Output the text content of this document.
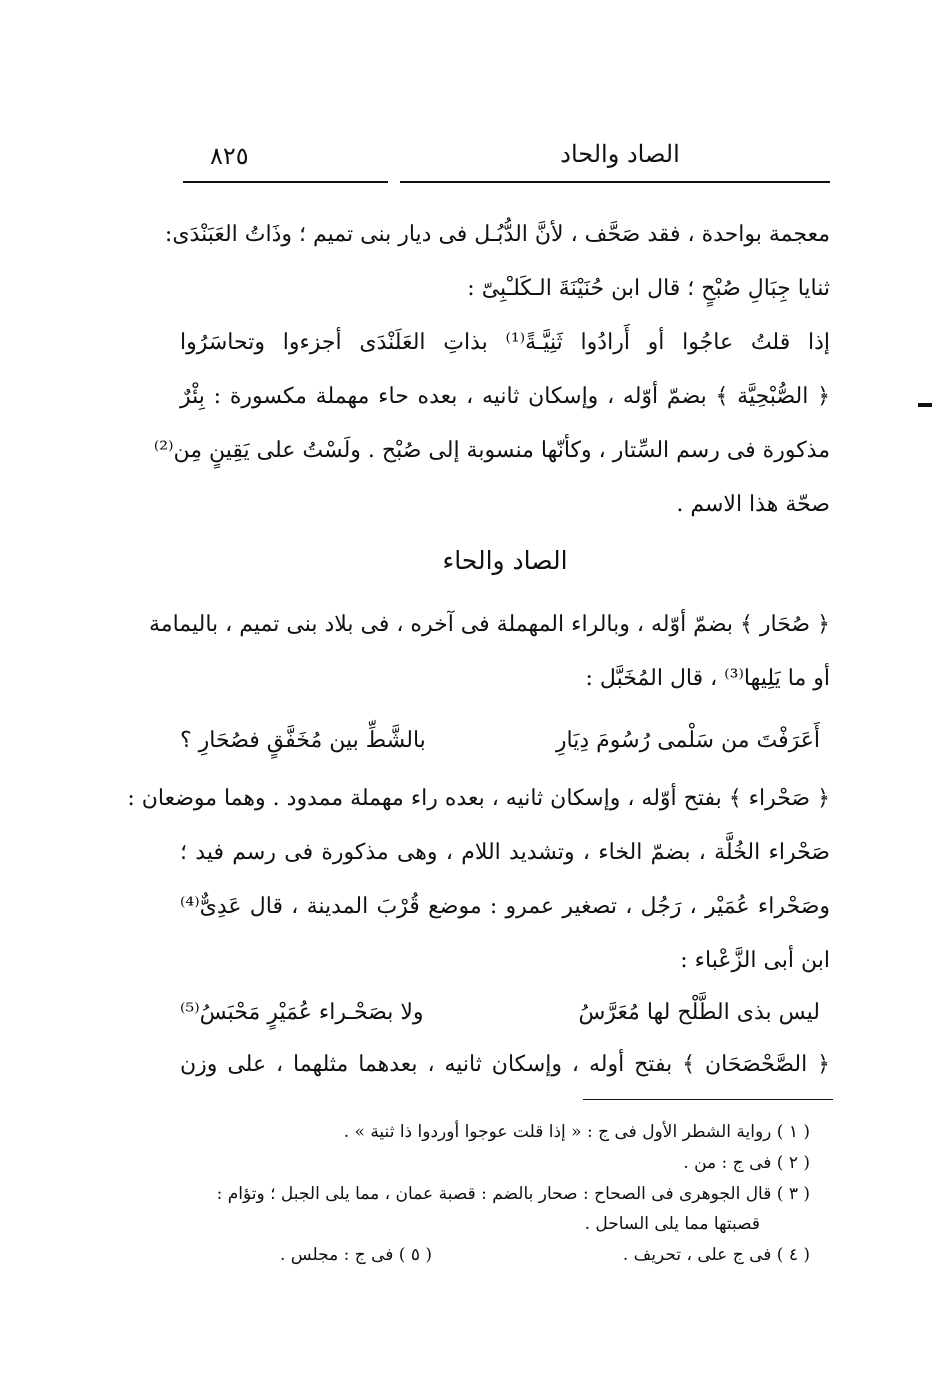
الصاد والحاد
٨٢٥
معجمة بواحدة ، فقد صَحَّف ، لأنَّ الدُّبُـل فى ديار بنى تميم ؛ وذَاتُ العَبَنْدَى:
ثنايا جِبَالِ صُبْحٍ ؛ قال ابن حُنَيْنَةَ الـكَلـْبِىّ :
إذا قلتُ عاجُوا أو أَرادُوا ثَنِيَّـةً⁽¹⁾ بذاتِ العَلَنْدَى أجزءوا وتحاسَرُوا
﴿ الصُّبْحِيَّة ﴾ بضمّ أوّله ، وإسكان ثانيه ، بعده حاء مهملة مكسورة : بِئْرٌ
مذكورة فى رسم السِّتار ، وكأنّها منسوبة إلى صُبْح . ولَسْتُ على يَقِينٍ مِن⁽²⁾
صحّة هذا الاسم .
الصاد والحاء
﴿ صُحَار ﴾ بضمّ أوّله ، وبالراء المهملة فى آخره ، فى بلاد بنى تميم ، باليمامة
أو ما يَلِيها⁽³⁾ ، قال المُخَبَّل :
أَعَرَفْتَ من سَلْمى رُسُومَ دِيَارِ
بالشَّطِّ بين مُخَفَّقٍ فصُحَارِ ؟
﴿ صَحْراء ﴾ بفتح أوّله ، وإسكان ثانيه ، بعده راء مهملة ممدود . وهما موضعان :
صَحْراء الخُلَّة ، بضمّ الخاء ، وتشديد اللام ، وهى مذكورة فى رسم فيد ؛
وصَحْراء عُمَيْر ، رَجُل ، تصغير عمرو : موضع قُرْبَ المدينة ، قال عَدِىٌّ⁽⁴⁾
ابن أبى الزَّعْباء :
ليس بذى الطَّلْح لها مُعَرَّسُ
ولا بصَحْـراء عُمَيْرٍ مَحْبَسُ⁽⁵⁾
﴿ الصَّحْصَحَان ﴾ بفتح أوله ، وإسكان ثانيه ، بعدهما مثلهما ، على وزن
( ١ ) رواية الشطر الأول فى ج : « إذا قلت عوجوا أوردوا ذا ثنية » .
( ٢ ) فى ج : من .
( ٣ ) قال الجوهرى فى الصحاح : صحار بالضم : قصبة عمان ، مما يلى الجبل ؛ وتؤام :
قصبتها مما يلى الساحل .
( ٤ ) فى ج على ، تحريف .
( ٥ ) فى ج : مجلس .
